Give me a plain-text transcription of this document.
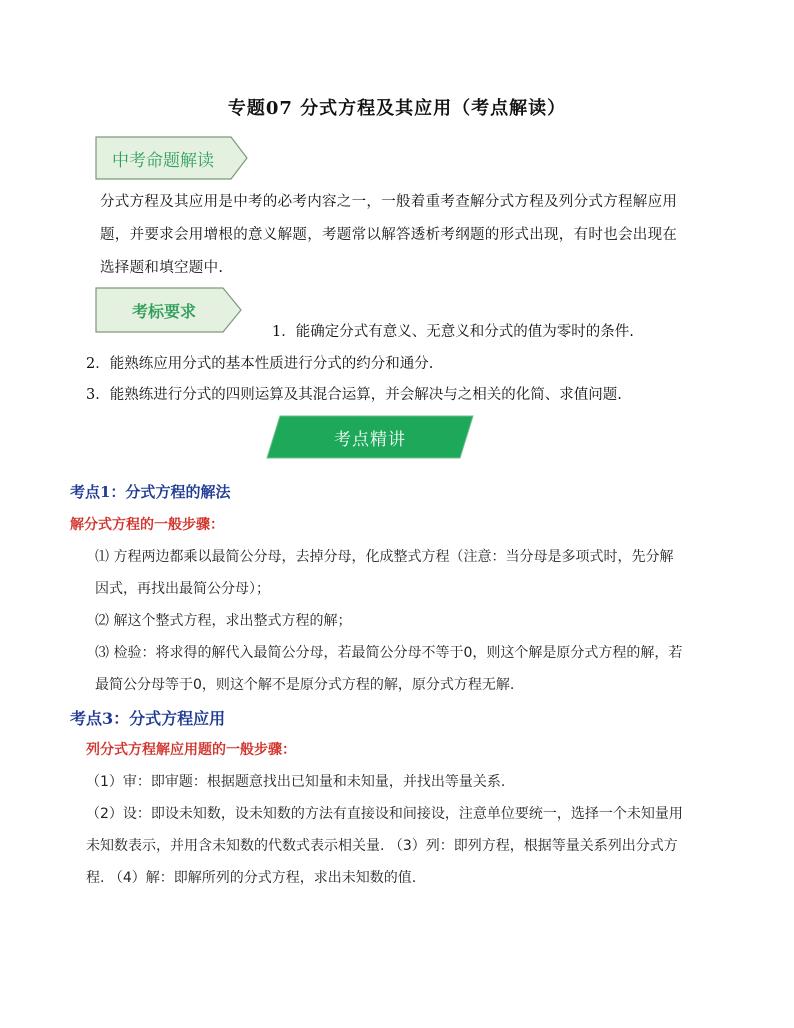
专题07 分式方程及其应用（考点解读）
中考命题解读
分式方程及其应用是中考的必考内容之一，一般着重考查解分式方程及列分式方程解应用题，并要求会用增根的意义解题，考题常以解答透析考纲题的形式出现，有时也会出现在选择题和填空题中.
考标要求
1．能确定分式有意义、无意义和分式的值为零时的条件.
2．能熟练应用分式的基本性质进行分式的约分和通分.
3．能熟练进行分式的四则运算及其混合运算，并会解决与之相关的化简、求值问题.
考点精讲
考点1：分式方程的解法
解分式方程的一般步骤：
⑴ 方程两边都乘以最简公分母，去掉分母，化成整式方程（注意：当分母是多项式时，先分解因式，再找出最简公分母）；
⑵ 解这个整式方程，求出整式方程的解；
⑶ 检验：将求得的解代入最简公分母，若最简公分母不等于0，则这个解是原分式方程的解，若最简公分母等于0，则这个解不是原分式方程的解，原分式方程无解.
考点3：分式方程应用
列分式方程解应用题的一般步骤：
（1）审：即审题：根据题意找出已知量和未知量，并找出等量关系.
（2）设：即设未知数，设未知数的方法有直接设和间接设，注意单位要统一，选择一个未知量用未知数表示，并用含未知数的代数式表示相关量. （3）列：即列方程，根据等量关系列出分式方程. （4）解：即解所列的分式方程，求出未知数的值.
